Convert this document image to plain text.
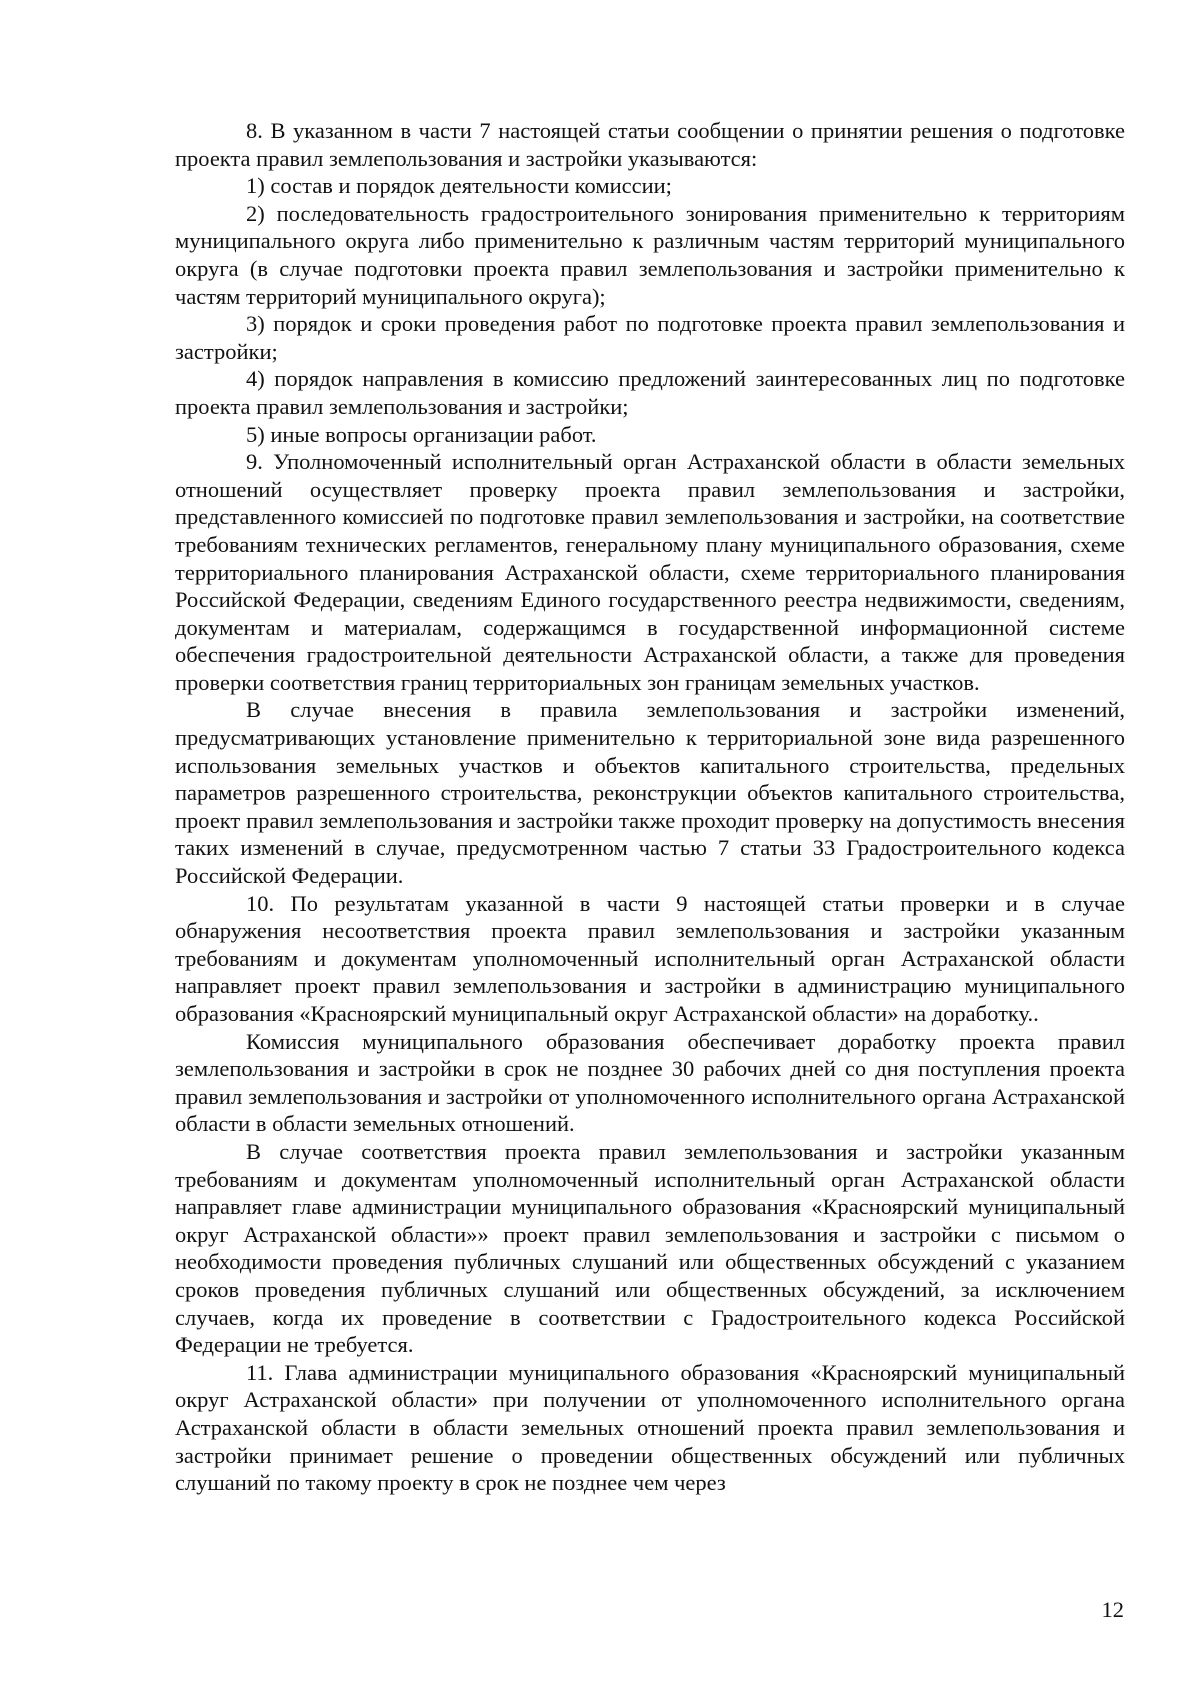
8. В указанном в части 7 настоящей статьи сообщении о принятии решения о подготовке проекта правил землепользования и застройки указываются:

1) состав и порядок деятельности комиссии;

2) последовательность градостроительного зонирования применительно к территориям муниципального округа либо применительно к различным частям территорий муниципального округа (в случае подготовки проекта правил землепользования и застройки применительно к частям территорий муниципального округа);

3) порядок и сроки проведения работ по подготовке проекта правил землепользования и застройки;

4) порядок направления в комиссию предложений заинтересованных лиц по подготовке проекта правил землепользования и застройки;

5) иные вопросы организации работ.

9. Уполномоченный исполнительный орган Астраханской области в области земельных отношений осуществляет проверку проекта правил землепользования и застройки, представленного комиссией по подготовке правил землепользования и застройки, на соответствие требованиям технических регламентов, генеральному плану муниципального образования, схеме территориального планирования Астраханской области, схеме территориального планирования Российской Федерации, сведениям Единого государственного реестра недвижимости, сведениям, документам и материалам, содержащимся в государственной информационной системе обеспечения градостроительной деятельности Астраханской области, а также для проведения проверки соответствия границ территориальных зон границам земельных участков.

В случае внесения в правила землепользования и застройки изменений, предусматривающих установление применительно к территориальной зоне вида разрешенного использования земельных участков и объектов капитального строительства, предельных параметров разрешенного строительства, реконструкции объектов капитального строительства, проект правил землепользования и застройки также проходит проверку на допустимость внесения таких изменений в случае, предусмотренном частью 7 статьи 33 Градостроительного кодекса Российской Федерации.

10. По результатам указанной в части 9 настоящей статьи проверки и в случае обнаружения несоответствия проекта правил землепользования и застройки указанным требованиям и документам уполномоченный исполнительный орган Астраханской области направляет проект правил землепользования и застройки в администрацию муниципального образования «Красноярский муниципальный округ Астраханской области» на доработку..

Комиссия муниципального образования обеспечивает доработку проекта правил землепользования и застройки в срок не позднее 30 рабочих дней со дня поступления проекта правил землепользования и застройки от уполномоченного исполнительного органа Астраханской области в области земельных отношений.

В случае соответствия проекта правил землепользования и застройки указанным требованиям и документам уполномоченный исполнительный орган Астраханской области направляет главе администрации муниципального образования «Красноярский муниципальный округ Астраханской области»» проект правил землепользования и застройки с письмом о необходимости проведения публичных слушаний или общественных обсуждений с указанием сроков проведения публичных слушаний или общественных обсуждений, за исключением случаев, когда их проведение в соответствии с Градостроительного кодекса Российской Федерации не требуется.

11. Глава администрации муниципального образования «Красноярский муниципальный округ Астраханской области» при получении от уполномоченного исполнительного органа Астраханской области в области земельных отношений проекта правил землепользования и застройки принимает решение о проведении общественных обсуждений или публичных слушаний по такому проекту в срок не позднее чем через

12
